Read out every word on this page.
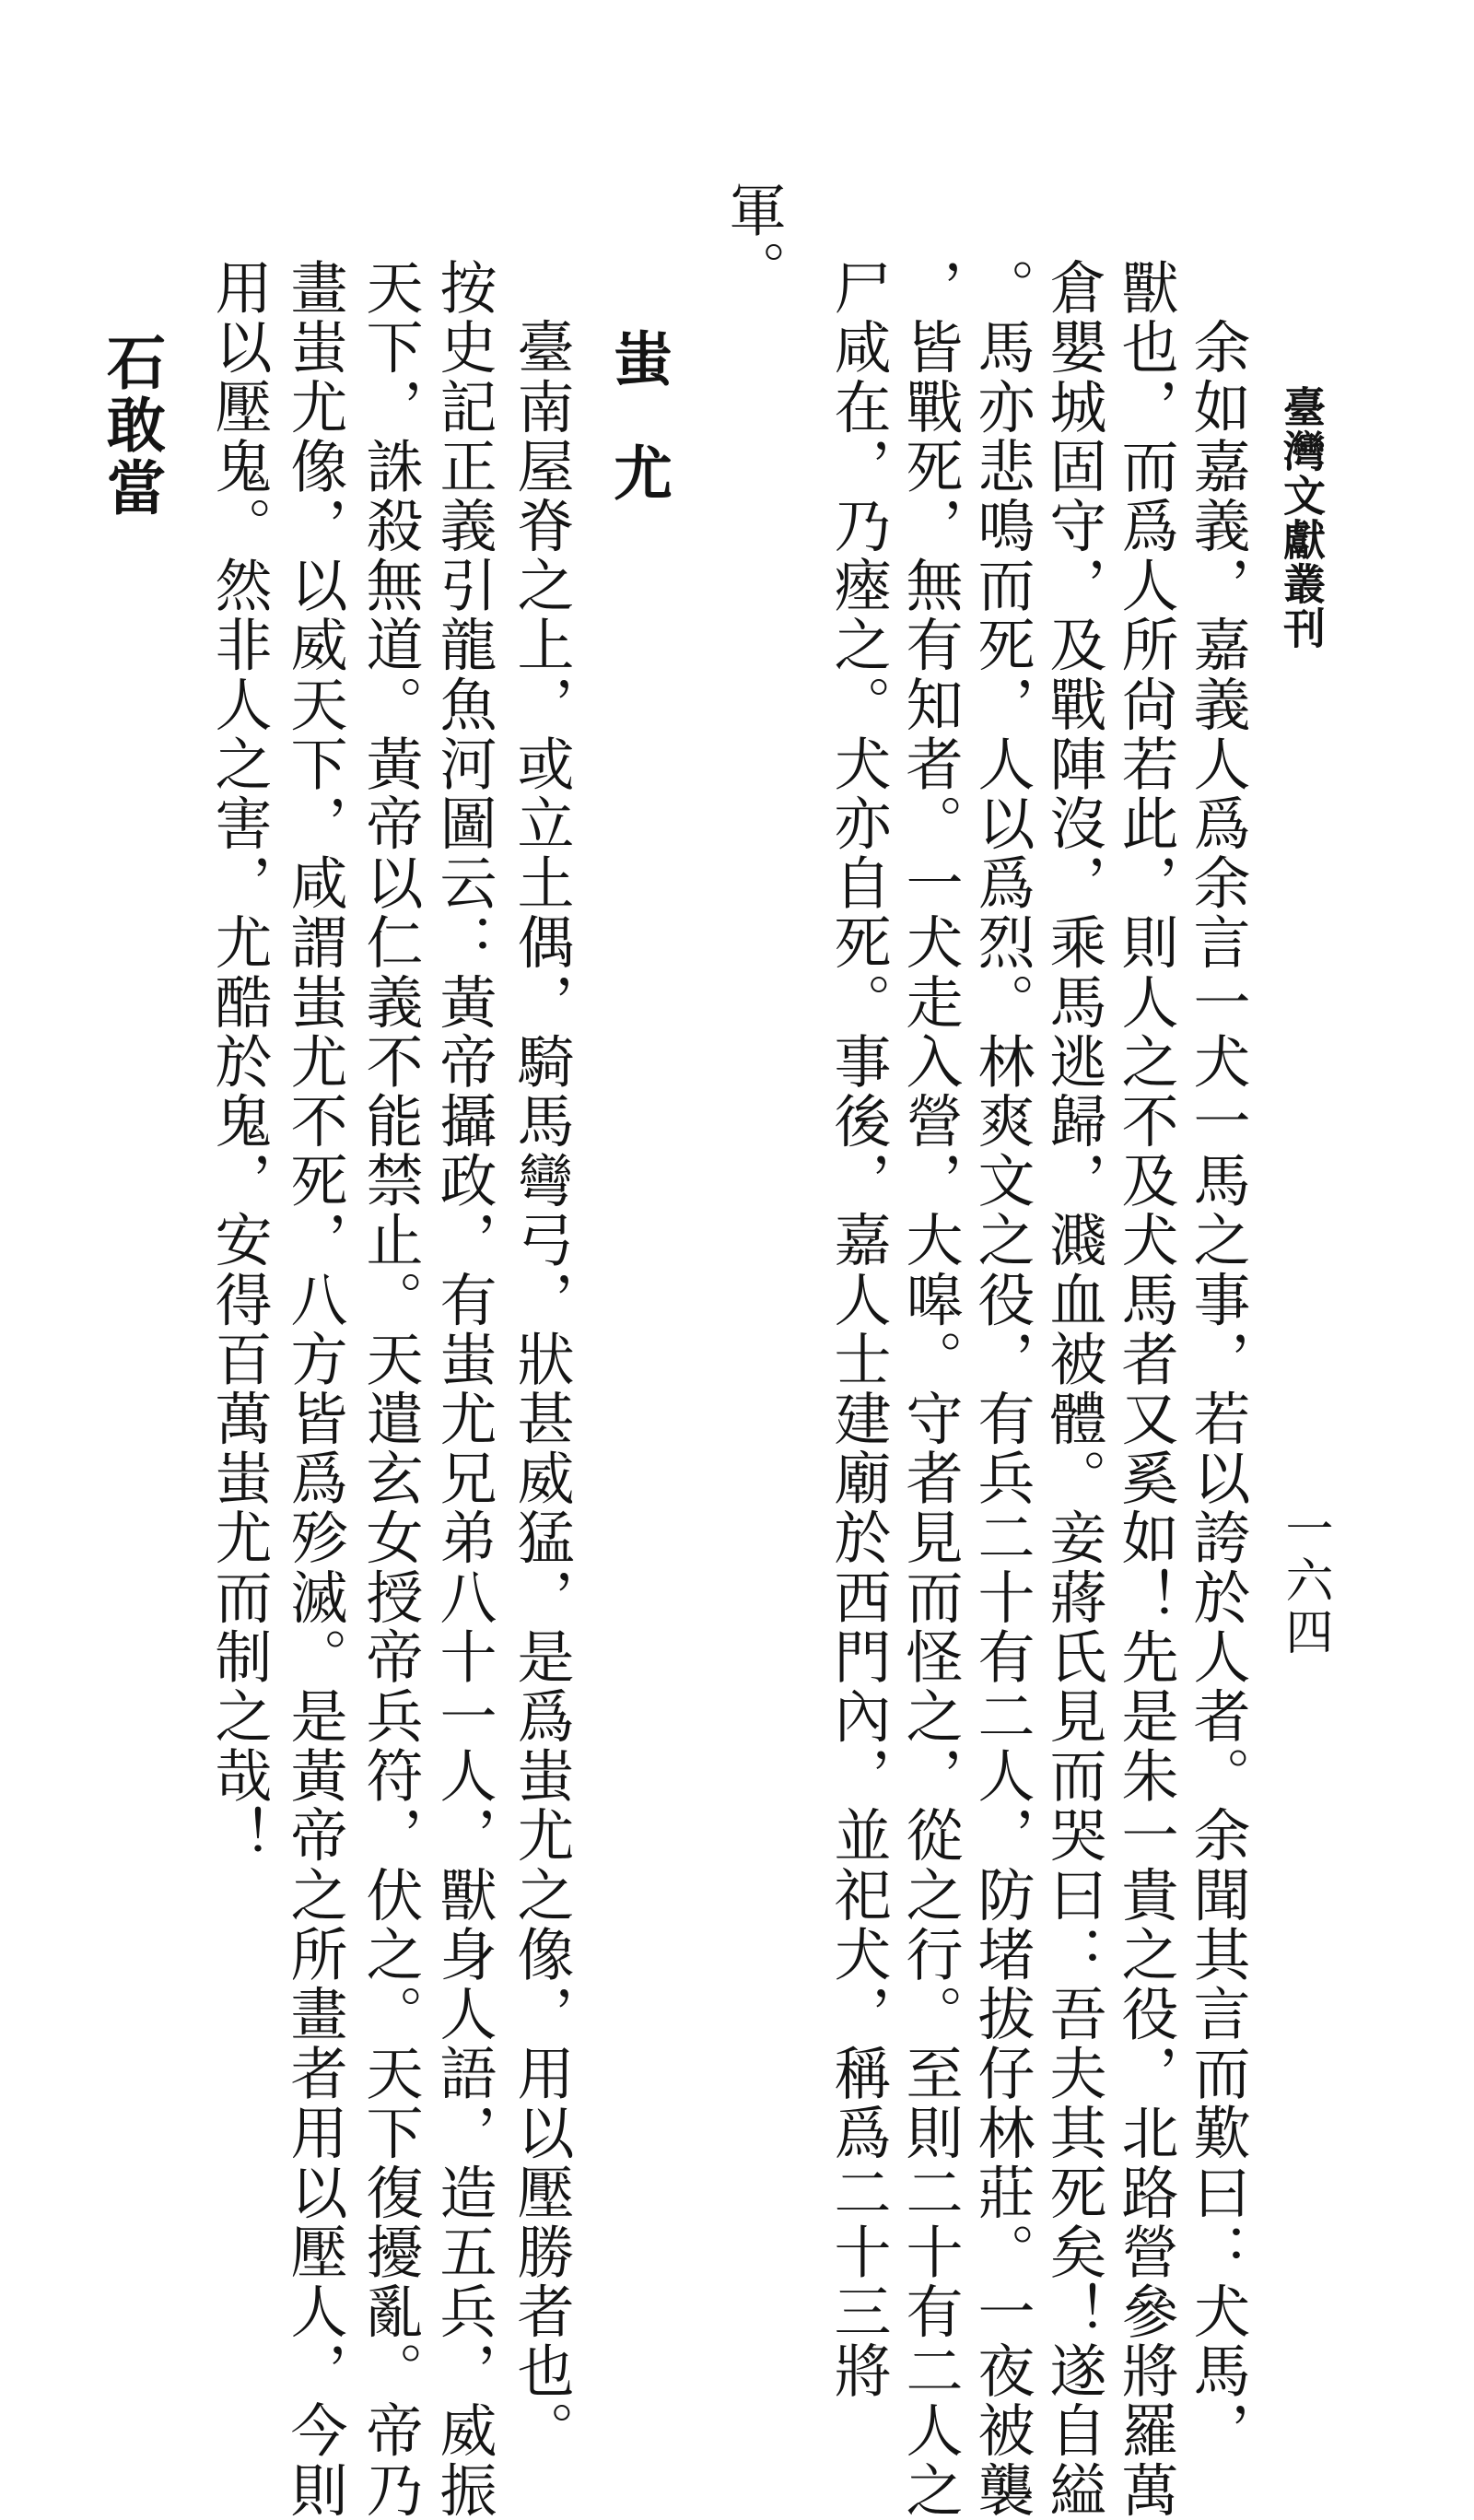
臺灣文獻叢刊
一六四
　余如嘉義，嘉義人爲余言一犬一馬之事，若以誇於人者。余聞其言而歎曰：犬馬，
獸也，而爲人所尙若此，則人之不及犬馬者又奚如！先是朱一貴之役，北路營參將羅萬
倉嬰城固守，及戰陣沒，乘馬逃歸，濺血被體。妾蔣氏見而哭曰：吾夫其死矣！遂自縊
。馬亦悲鳴而死，人以爲烈。林爽文之役，有兵二十有二人，防堵拔仔林莊。一夜被襲
，皆戰死，無有知者。一犬走入營，大嗥。守者見而怪之，從之行。至則二十有二人之
尸咸在，乃瘞之。犬亦自死。事後，嘉人士建廟於西門內，並祀犬，稱爲二十三將
軍。
蚩尤
　臺南屋脊之上，或立土偶，騎馬彎弓，狀甚威猛，是爲蚩尤之像，用以壓勝者也。
按史記正義引龍魚河圖云：黃帝攝政，有蚩尤兄弟八十一人，獸身人語，造五兵，威振
天下，誅殺無道。黃帝以仁義不能禁止。天遣玄女授帝兵符，伏之。天下復擾亂。帝乃
畫蚩尤像，以威天下，咸謂蚩尤不死，八方皆爲殄滅。是黃帝之所畫者用以壓人，今則
用以壓鬼。然非人之害，尤酷於鬼，安得百萬蚩尤而制之哉！
石敢當
